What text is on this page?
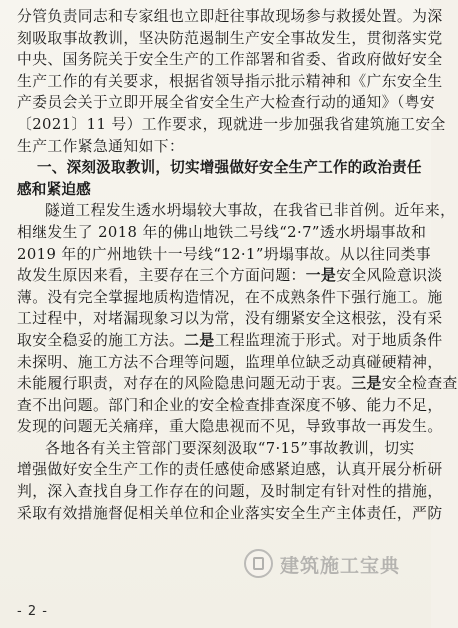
分管负责同志和专家组也立即赶往事故现场参与救援处置。为深
刻吸取事故教训，坚决防范遏制生产安全事故发生，贯彻落实党
中央、国务院关于安全生产的工作部署和省委、省政府做好安全
生产工作的有关要求，根据省领导指示批示精神和《广东安全生
产委员会关于立即开展全省安全生产大检查行动的通知》（粤安
〔2021〕11 号）工作要求，现就进一步加强我省建筑施工安全
生产工作紧急通知如下：
一、深刻汲取教训，切实增强做好安全生产工作的政治责任
感和紧迫感
隧道工程发生透水坍塌较大事故，在我省已非首例。近年来，
相继发生了 2018 年的佛山地铁二号线“2·7”透水坍塌事故和
2019 年的广州地铁十一号线“12·1”坍塌事故。从以往同类事
故发生原因来看，主要存在三个方面问题：一是安全风险意识淡
薄。没有完全掌握地质构造情况，在不成熟条件下强行施工。施
工过程中，对堵漏现象习以为常，没有绷紧安全这根弦，没有采
取安全稳妥的施工方法。二是工程监理流于形式。对于地质条件
未探明、施工方法不合理等问题，监理单位缺乏动真碰硬精神，
未能履行职责，对存在的风险隐患问题无动于衷。三是安全检查查
查不出问题。部门和企业的安全检查排查深度不够、能力不足，
发现的问题无关痛痒，重大隐患视而不见，导致事故一再发生。
各地各有关主管部门要深刻汲取“7·15”事故教训，切实
增强做好安全生产工作的责任感使命感紧迫感，认真开展分析研
判，深入查找自身工作存在的问题，及时制定有针对性的措施，
采取有效措施督促相关单位和企业落实安全生产主体责任，严防
建筑施工宝典
- 2 -
